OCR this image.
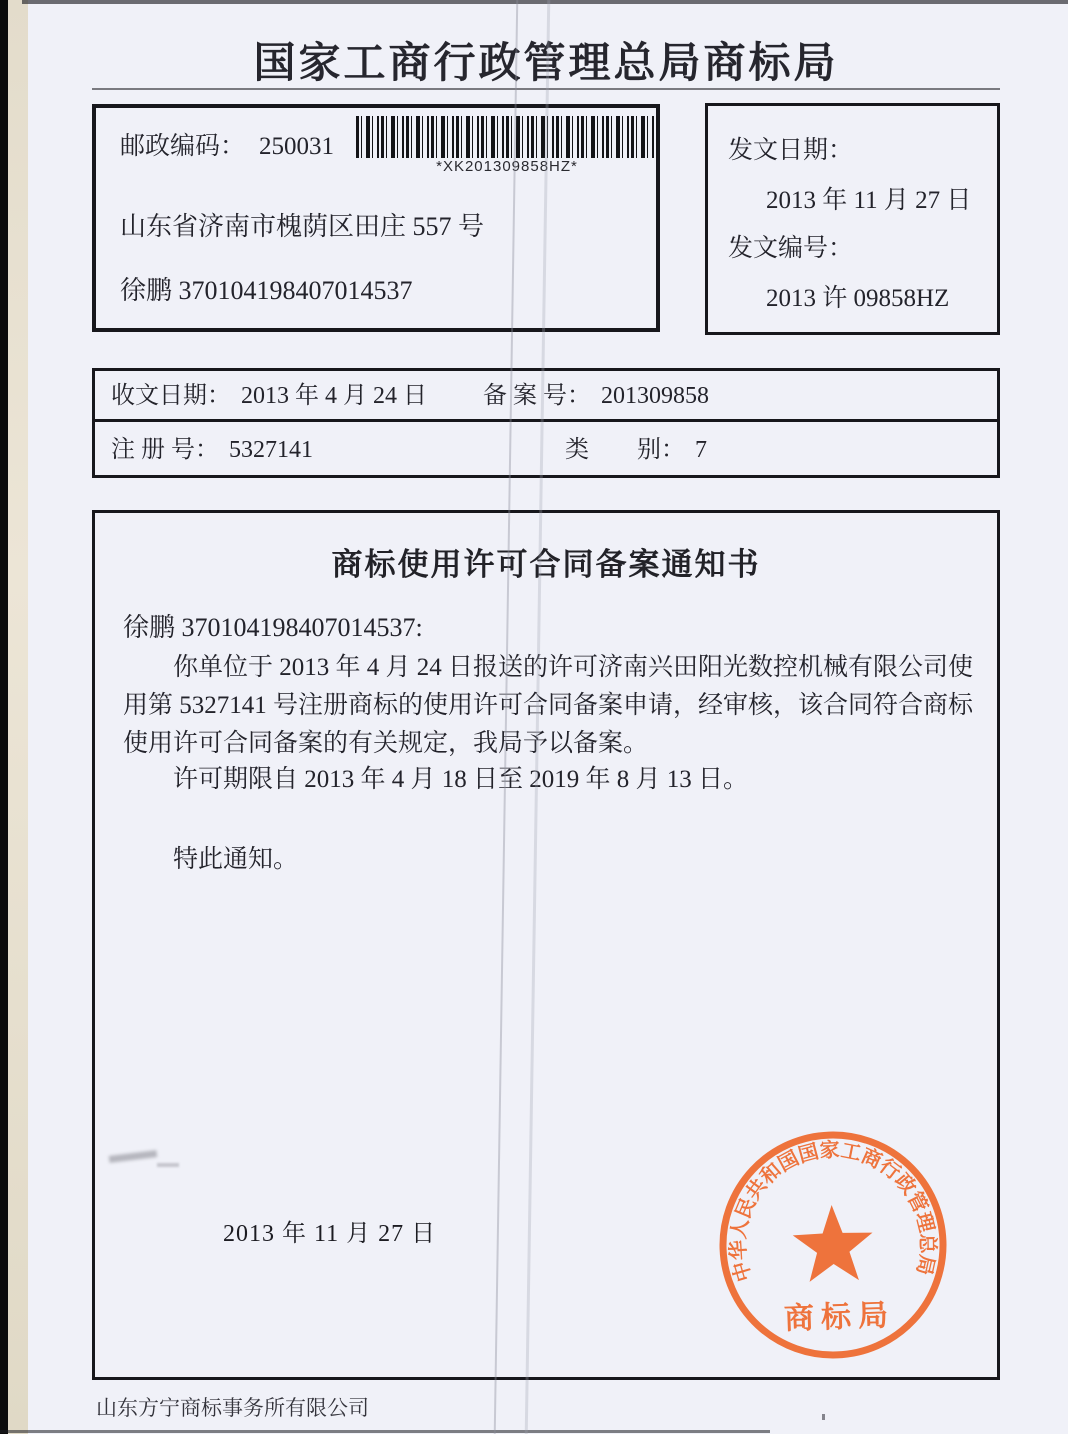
国家工商行政管理总局商标局
邮政编码： 250031
*XK201309858HZ*
山东省济南市槐荫区田庄 557 号
徐鹏 370104198407014537
发文日期：
2013 年 11 月 27 日
发文编号：
2013 许 09858HZ
收文日期： 2013 年 4 月 24 日 备 案 号： 201309858
注 册 号： 5327141	类　　别： 7
商标使用许可合同备案通知书
徐鹏 370104198407014537:
你单位于 2013 年 4 月 24 日报送的许可济南兴田阳光数控机械有限公司使
用第 5327141 号注册商标的使用许可合同备案申请，经审核，该合同符合商标
使用许可合同备案的有关规定，我局予以备案。
许可期限自 2013 年 4 月 18 日至 2019 年 8 月 13 日。
特此通知。
中华人民共和国国家工商行政管理总局
商标局
2013 年 11 月 27 日
山东方宁商标事务所有限公司
